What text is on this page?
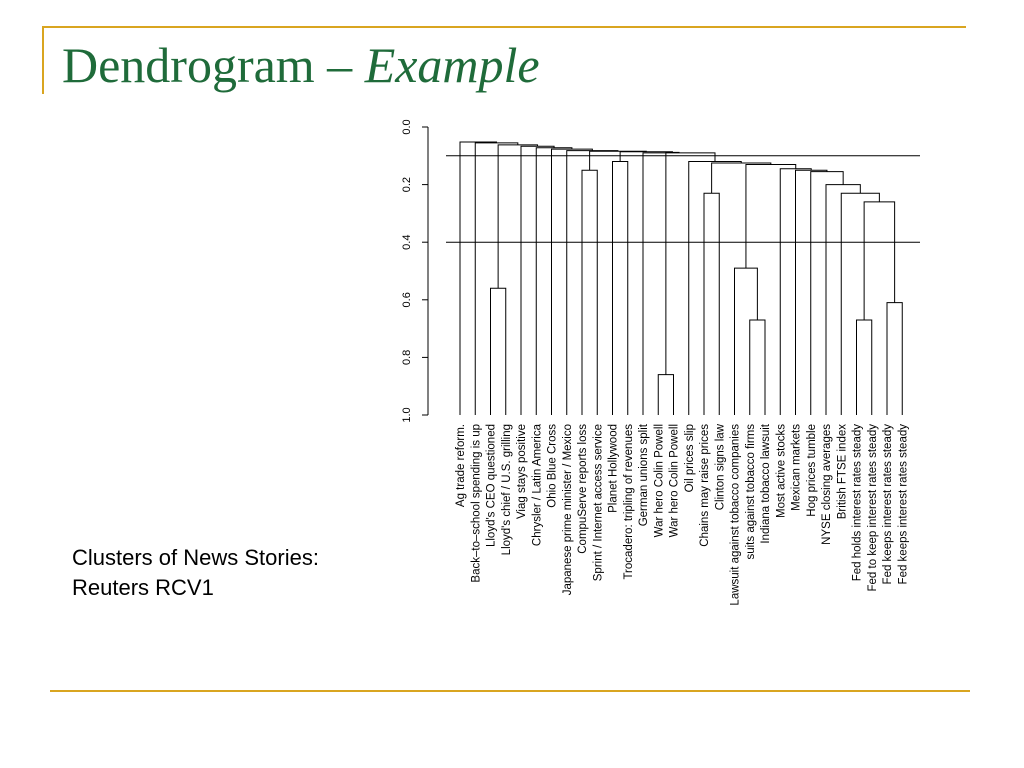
Dendrogram – Example
Clusters of News Stories:
Reuters RCV1
0.0
0.2
0.4
0.6
0.8
1.0
Ag trade reform. Back–to–school spending is up Lloyd's CEO questioned Lloyd's chief / U.S. grilling Viag stays positive Chrysler / Latin America Ohio Blue Cross Japanese prime minister / Mexico CompuServe reports loss Sprint / Internet access service Planet Hollywood Trocadero: tripling of revenues German unions split War hero Colin Powell War hero Colin Powell Oil prices slip Chains may raise prices Clinton signs law Lawsuit against tobacco companies suits against tobacco firms Indiana tobacco lawsuit Most active stocks Mexican markets Hog prices tumble NYSE closing averages British FTSE index Fed holds interest rates steady Fed to keep interest rates steady Fed keeps interest rates steady Fed keeps interest rates steady
